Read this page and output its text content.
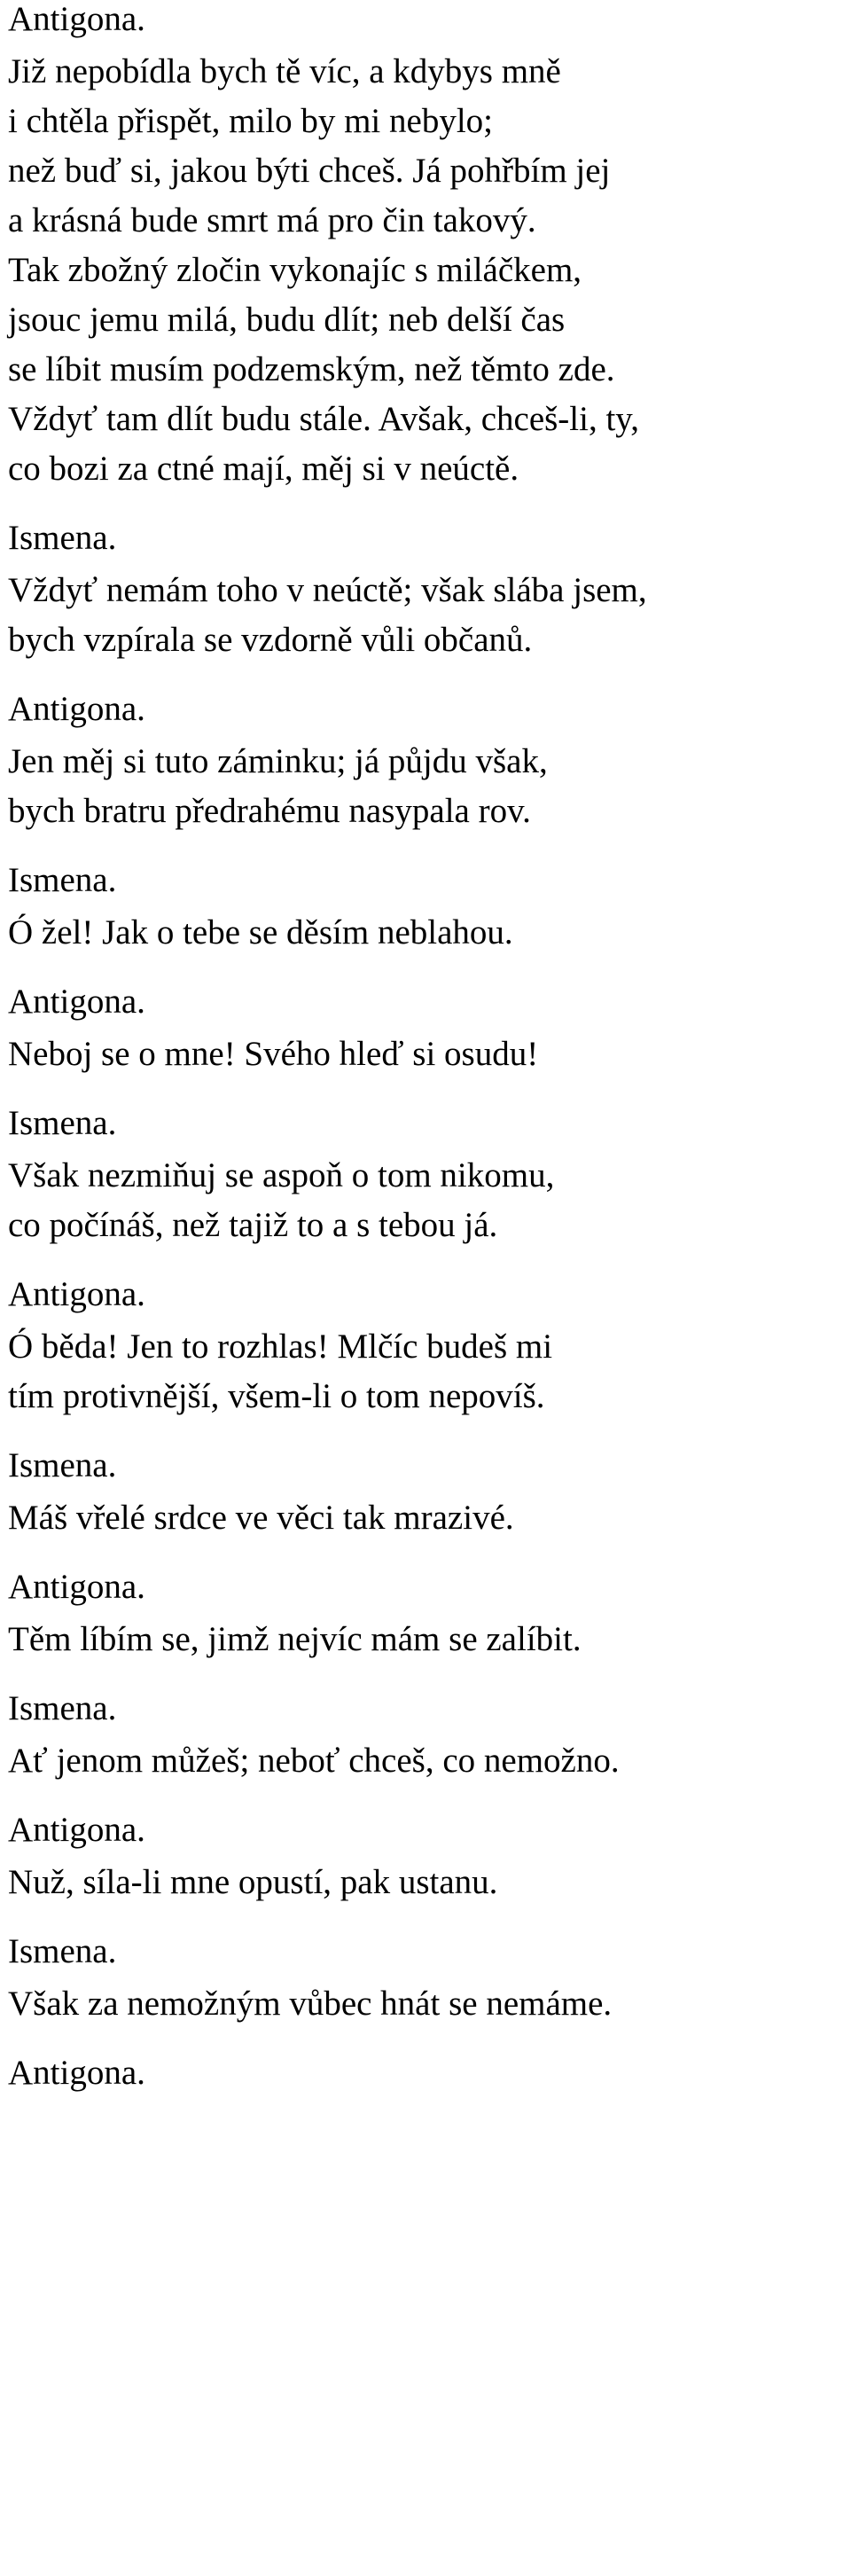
Antigona.
Již nepobídla bych tě víc, a kdybys mně
i chtěla přispět, milo by mi nebylo;
než buď si, jakou býti chceš. Já pohřbím jej
a krásná bude smrt má pro čin takový.
Tak zbožný zločin vykonajíc s miláčkem,
jsouc jemu milá, budu dlít; neb delší čas
se líbit musím podzemským, než těmto zde.
Vždyť tam dlít budu stále. Avšak, chceš-li, ty,
co bozi za ctné mají, měj si v neúctě.
Ismena.
Vždyť nemám toho v neúctě; však slába jsem,
bych vzpírala se vzdorně vůli občanů.
Antigona.
Jen měj si tuto záminku; já půjdu však,
bych bratru předrahému nasypala rov.
Ismena.
Ó žel! Jak o tebe se děsím neblahou.
Antigona.
Neboj se o mne! Svého hleď si osudu!
Ismena.
Však nezmiňuj se aspoň o tom nikomu,
co počínáš, než tajiž to a s tebou já.
Antigona.
Ó běda! Jen to rozhlas! Mlčíc budeš mi
tím protivnější, všem-li o tom nepovíš.
Ismena.
Máš vřelé srdce ve věci tak mrazivé.
Antigona.
Těm líbím se, jimž nejvíc mám se zalíbit.
Ismena.
Ať jenom můžeš; neboť chceš, co nemožno.
Antigona.
Nuž, síla-li mne opustí, pak ustanu.
Ismena.
Však za nemožným vůbec hnát se nemáme.
Antigona.
